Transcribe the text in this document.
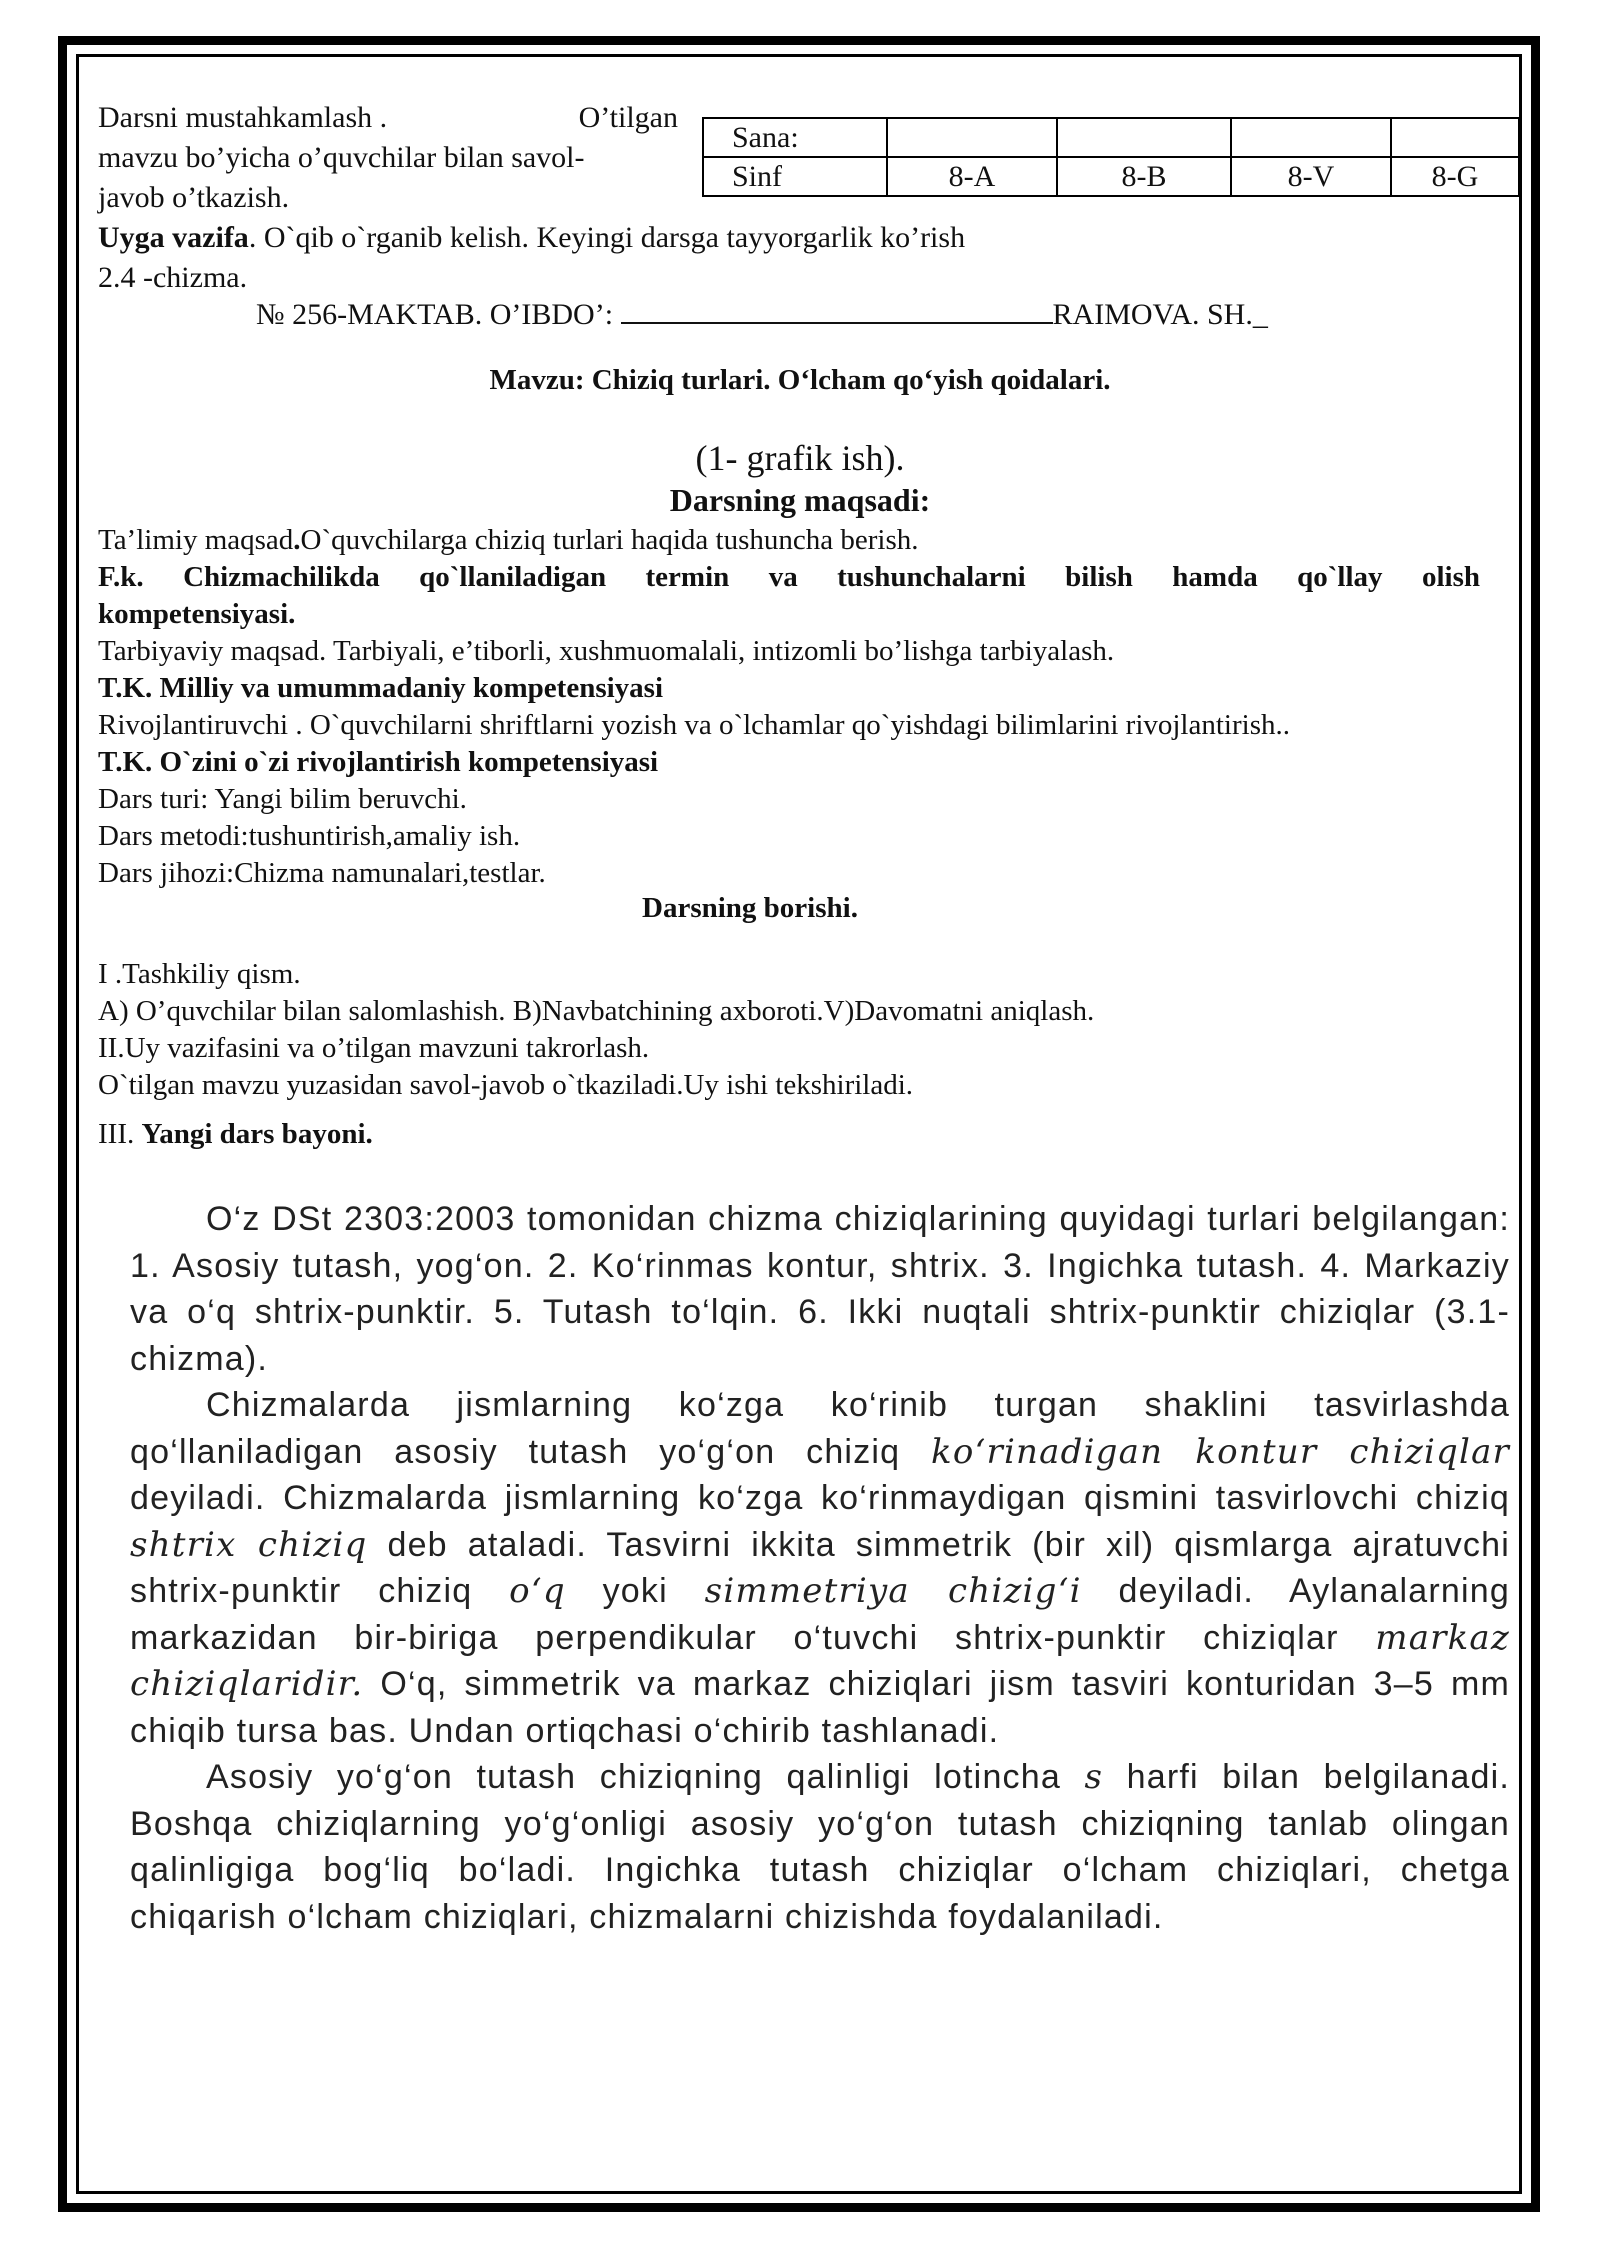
Darsni mustahkamlash .	O’tilgan
mavzu bo’yicha o’quvchilar bilan savol-
javob o’tkazish.
Sana:				
Sinf	8-A	8-B	8-V	8-G
Uyga vazifa. O`qib o`rganib kelish. Keyingi darsga tayyorgarlik ko’rish
2.4 -chizma.
№ 256-MAKTAB. O’IBDO’:	RAIMOVA. SH._
Mavzu: Chiziq turlari. O‘lcham qo‘yish qoidalari.
(1- grafik ish).
Darsning maqsadi:
Ta’limiy maqsad.O`quvchilarga chiziq turlari haqida tushuncha berish.
F.k. Chizmachilikda qo`llaniladigan termin va tushunchalarni bilish hamda qo`llay olish
kompetensiyasi.
Tarbiyaviy maqsad. Tarbiyali, e’tiborli, xushmuomalali, intizomli bo’lishga tarbiyalash.
T.K. Milliy va umummadaniy kompetensiyasi
Rivojlantiruvchi . O`quvchilarni shriftlarni yozish va o`lchamlar qo`yishdagi bilimlarini rivojlantirish..
T.K. O`zini o`zi rivojlantirish kompetensiyasi
Dars turi: Yangi bilim beruvchi.
Dars metodi:tushuntirish,amaliy ish.
Dars jihozi:Chizma namunalari,testlar.
Darsning borishi.
I .Tashkiliy qism.
A) O’quvchilar bilan salomlashish. B)Navbatchining axboroti.V)Davomatni aniqlash.
II.Uy vazifasini va o’tilgan mavzuni takrorlash.
O`tilgan mavzu yuzasidan savol-javob o`tkaziladi.Uy ishi tekshiriladi.
III. Yangi dars bayoni.

O‘z DSt 2303:2003 tomonidan chizma chiziqlarining quyidagi turlari belgilangan: 1. Asosiy tutash, yog‘on. 2. Ko‘rinmas kontur, shtrix. 3. Ingichka tutash. 4. Markaziy va o‘q shtrix-punktir. 5. Tutash to‘lqin. 6. Ikki nuqtali shtrix-punktir chiziqlar (3.1-chizma).

Chizmalarda jismlarning ko‘zga ko‘rinib turgan shaklini tasvirlashda qo‘llaniladigan asosiy tutash yo‘g‘on chiziq ko‘rinadigan kontur chiziqlar deyiladi. Chizmalarda jismlarning ko‘zga ko‘rinmaydigan qismini tasvirlovchi chiziq shtrix chiziq deb ataladi. Tasvirni ikkita simmetrik (bir xil) qismlarga ajratuvchi shtrix-punktir chiziq o‘q yoki simmetriya chizig‘i deyiladi. Aylanalarning markazidan bir-biriga perpendikular o‘tuvchi shtrix-punktir chiziqlar markaz chiziqlaridir. O‘q, simmetrik va markaz chiziqlari jism tasviri konturidan 3–5 mm chiqib tursa bas. Undan ortiqchasi o‘chirib tashlanadi.

Asosiy yo‘g‘on tutash chiziqning qalinligi lotincha s harfi bilan belgilanadi. Boshqa chiziqlarning yo‘g‘onligi asosiy yo‘g‘on tutash chiziqning tanlab olingan qalinligiga bog‘liq bo‘ladi. Ingichka tutash chiziqlar o‘lcham chiziqlari, chetga chiqarish o‘lcham chiziqlari, chizmalarni chizishda foydalaniladi.
